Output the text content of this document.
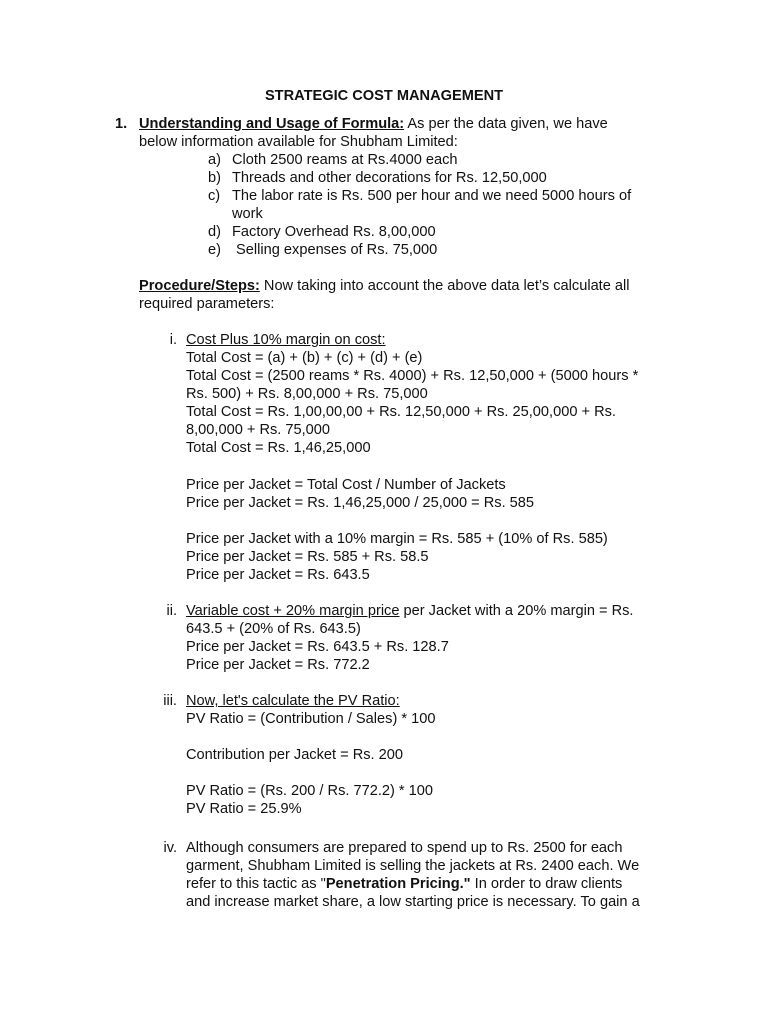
STRATEGIC COST MANAGEMENT
1. Understanding and Usage of Formula: As per the data given, we have
below information available for Shubham Limited:
a) Cloth 2500 reams at Rs.4000 each
b) Threads and other decorations for Rs. 12,50,000
c) The labor rate is Rs. 500 per hour and we need 5000 hours of
work
d) Factory Overhead Rs. 8,00,000
e) Selling expenses of Rs. 75,000
Procedure/Steps: Now taking into account the above data let’s calculate all
required parameters:
i. Cost Plus 10% margin on cost:
Total Cost = (a) + (b) + (c) + (d) + (e)
Total Cost = (2500 reams * Rs. 4000) + Rs. 12,50,000 + (5000 hours *
Rs. 500) + Rs. 8,00,000 + Rs. 75,000
Total Cost = Rs. 1,00,00,00 + Rs. 12,50,000 + Rs. 25,00,000 + Rs.
8,00,000 + Rs. 75,000
Total Cost = Rs. 1,46,25,000
Price per Jacket = Total Cost / Number of Jackets
Price per Jacket = Rs. 1,46,25,000 / 25,000 = Rs. 585
Price per Jacket with a 10% margin = Rs. 585 + (10% of Rs. 585)
Price per Jacket = Rs. 585 + Rs. 58.5
Price per Jacket = Rs. 643.5
ii. Variable cost + 20% margin price per Jacket with a 20% margin = Rs.
643.5 + (20% of Rs. 643.5)
Price per Jacket = Rs. 643.5 + Rs. 128.7
Price per Jacket = Rs. 772.2
iii. Now, let's calculate the PV Ratio:
PV Ratio = (Contribution / Sales) * 100
Contribution per Jacket = Rs. 200
PV Ratio = (Rs. 200 / Rs. 772.2) * 100
PV Ratio = 25.9%
iv. Although consumers are prepared to spend up to Rs. 2500 for each
garment, Shubham Limited is selling the jackets at Rs. 2400 each. We
refer to this tactic as "Penetration Pricing." In order to draw clients
and increase market share, a low starting price is necessary. To gain a
